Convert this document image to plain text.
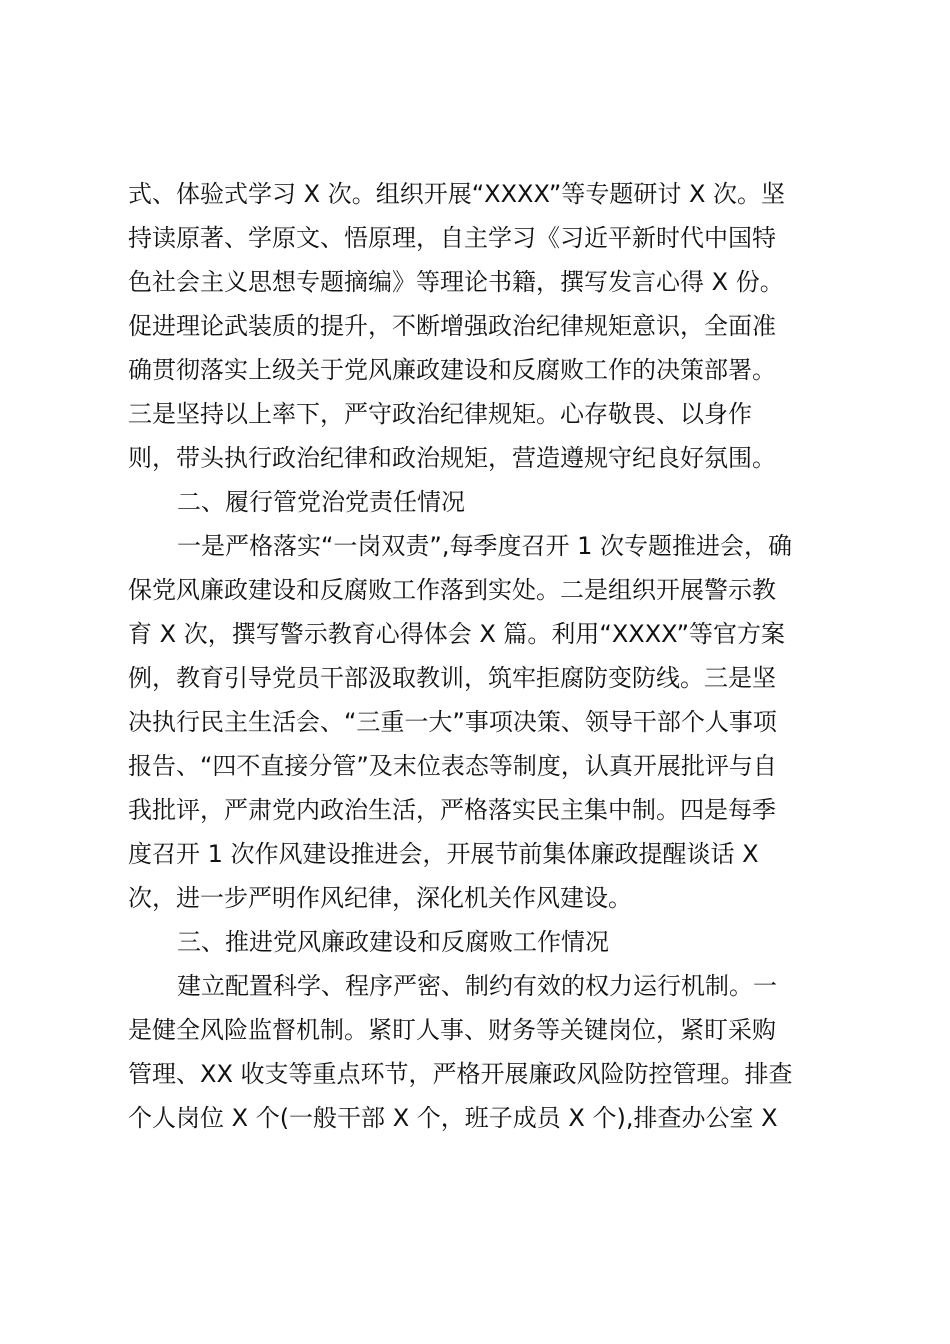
式、体验式学习 X 次。组织开展“XXXX”等专题研讨 X 次。坚
持读原著、学原文、悟原理，自主学习《习近平新时代中国特
色社会主义思想专题摘编》等理论书籍，撰写发言心得 X 份。
促进理论武装质的提升，不断增强政治纪律规矩意识，全面准
确贯彻落实上级关于党风廉政建设和反腐败工作的决策部署。
三是坚持以上率下，严守政治纪律规矩。心存敬畏、以身作
则，带头执行政治纪律和政治规矩，营造遵规守纪良好氛围。
二、履行管党治党责任情况
一是严格落实“一岗双责”,每季度召开 1 次专题推进会，确
保党风廉政建设和反腐败工作落到实处。二是组织开展警示教
育 X 次，撰写警示教育心得体会 X 篇。利用“XXXX”等官方案
例，教育引导党员干部汲取教训，筑牢拒腐防变防线。三是坚
决执行民主生活会、“三重一大”事项决策、领导干部个人事项
报告、“四不直接分管”及末位表态等制度，认真开展批评与自
我批评，严肃党内政治生活，严格落实民主集中制。四是每季
度召开 1 次作风建设推进会，开展节前集体廉政提醒谈话 X
次，进一步严明作风纪律，深化机关作风建设。
三、推进党风廉政建设和反腐败工作情况
建立配置科学、程序严密、制约有效的权力运行机制。一
是健全风险监督机制。紧盯人事、财务等关键岗位，紧盯采购
管理、XX 收支等重点环节，严格开展廉政风险防控管理。排查
个人岗位 X 个(一般干部 X 个，班子成员 X 个),排查办公室 X
